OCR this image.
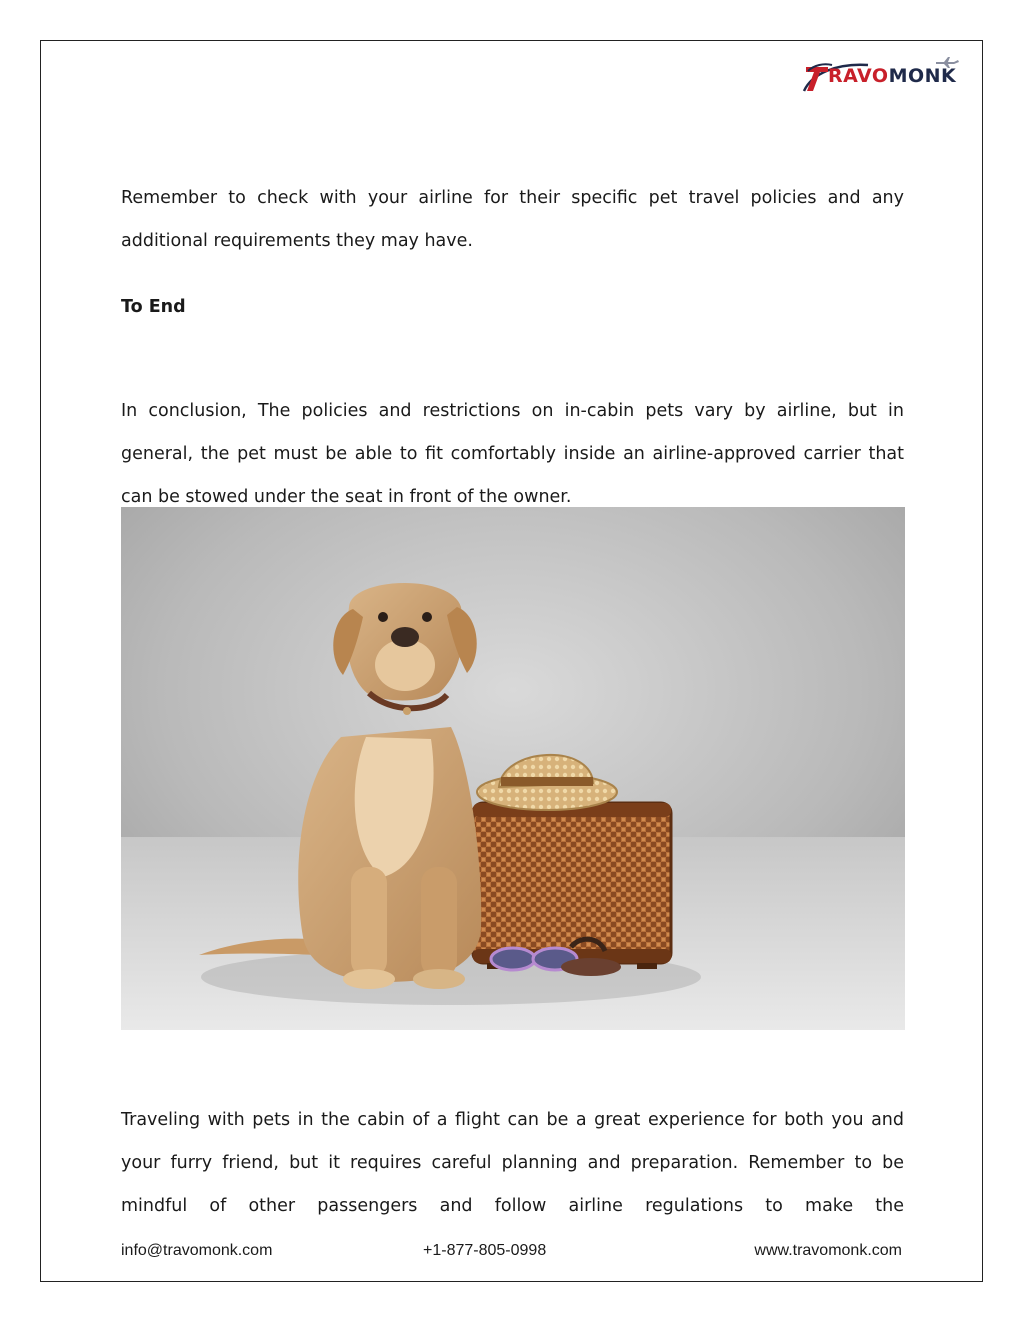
RAVOMONK

Remember to check with your airline for their specific pet travel policies and any additional requirements they may have.

To End

In conclusion, The policies and restrictions on in-cabin pets vary by airline, but in general, the pet must be able to fit comfortably inside an airline-approved carrier that can be stowed under the seat in front of the owner.

Traveling with pets in the cabin of a flight can be a great experience for both you and your furry friend, but it requires careful planning and preparation. Remember to be mindful of other passengers and follow airline regulations to make the

info@travomonk.com	+1-877-805-0998	www.travomonk.com
